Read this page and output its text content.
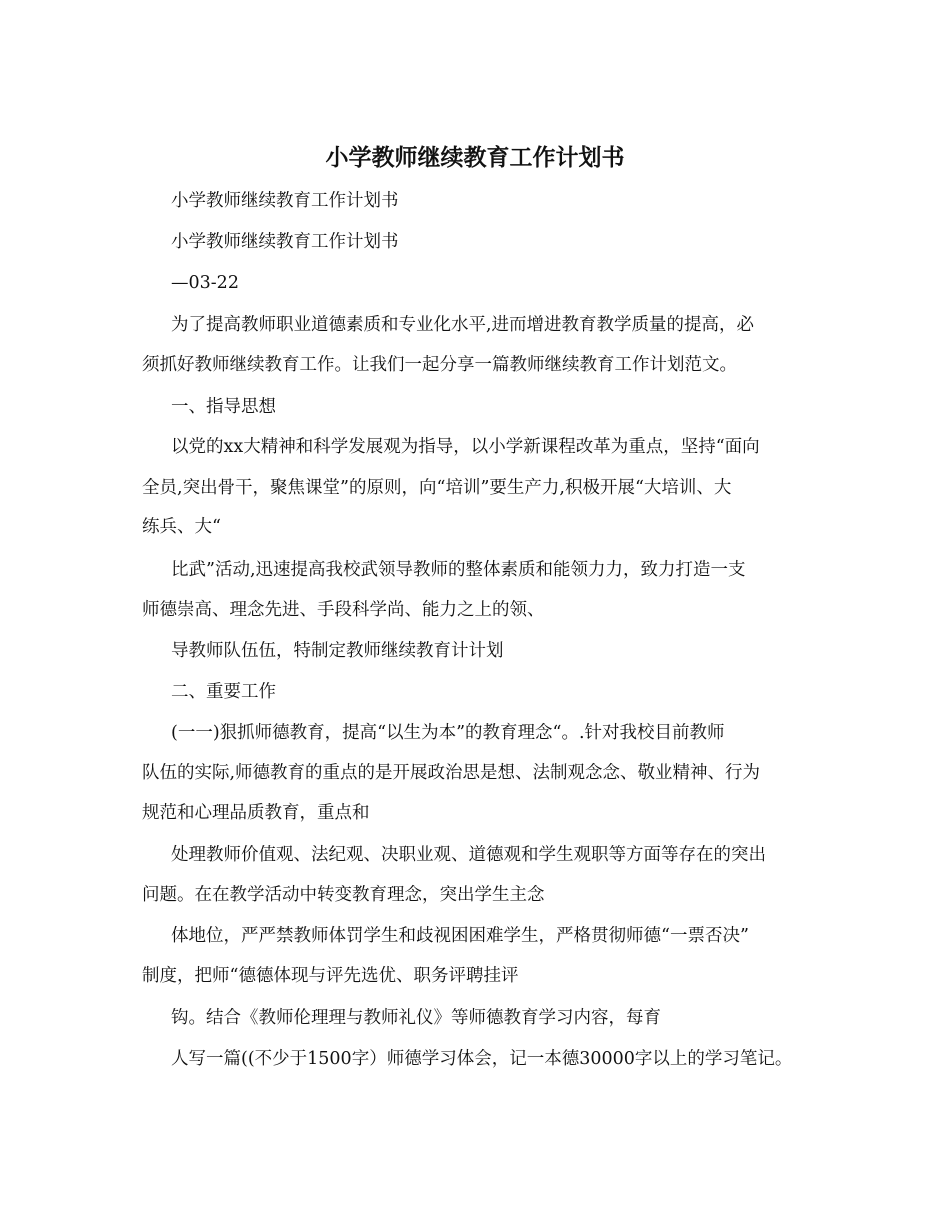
小学教师继续教育工作计划书
小学教师继续教育工作计划书
小学教师继续教育工作计划书
—03-22
为了提高教师职业道德素质和专业化水平,进而增进教育教学质量的提高，必
须抓好教师继续教育工作。让我们一起分享一篇教师继续教育工作计划范文。
一、指导思想
以党的xx大精神和科学发展观为指导，以小学新课程改革为重点，坚持“面向
全员,突出骨干，聚焦课堂”的原则，向“培训”要生产力,积极开展“大培训、大
练兵、大“
比武”活动,迅速提高我校武领导教师的整体素质和能领力力，致力打造一支
师德崇高、理念先进、手段科学尚、能力之上的领、
导教师队伍伍，特制定教师继续教育计计划
二、重要工作
(一一)狠抓师德教育，提高“以生为本”的教育理念“。.针对我校目前教师
队伍的实际,师德教育的重点的是开展政治思是想、法制观念念、敬业精神、行为
规范和心理品质教育，重点和
处理教师价值观、法纪观、决职业观、道德观和学生观职等方面等存在的突出
问题。在在教学活动中转变教育理念，突出学生主念
体地位，严严禁教师体罚学生和歧视困困难学生，严格贯彻师德“一票否决”
制度，把师“德德体现与评先选优、职务评聘挂评
钩。结合《教师伦理理与教师礼仪》等师德教育学习内容，每育
人写一篇((不少于1500字）师德学习体会，记一本德30000字以上的学习笔记。
